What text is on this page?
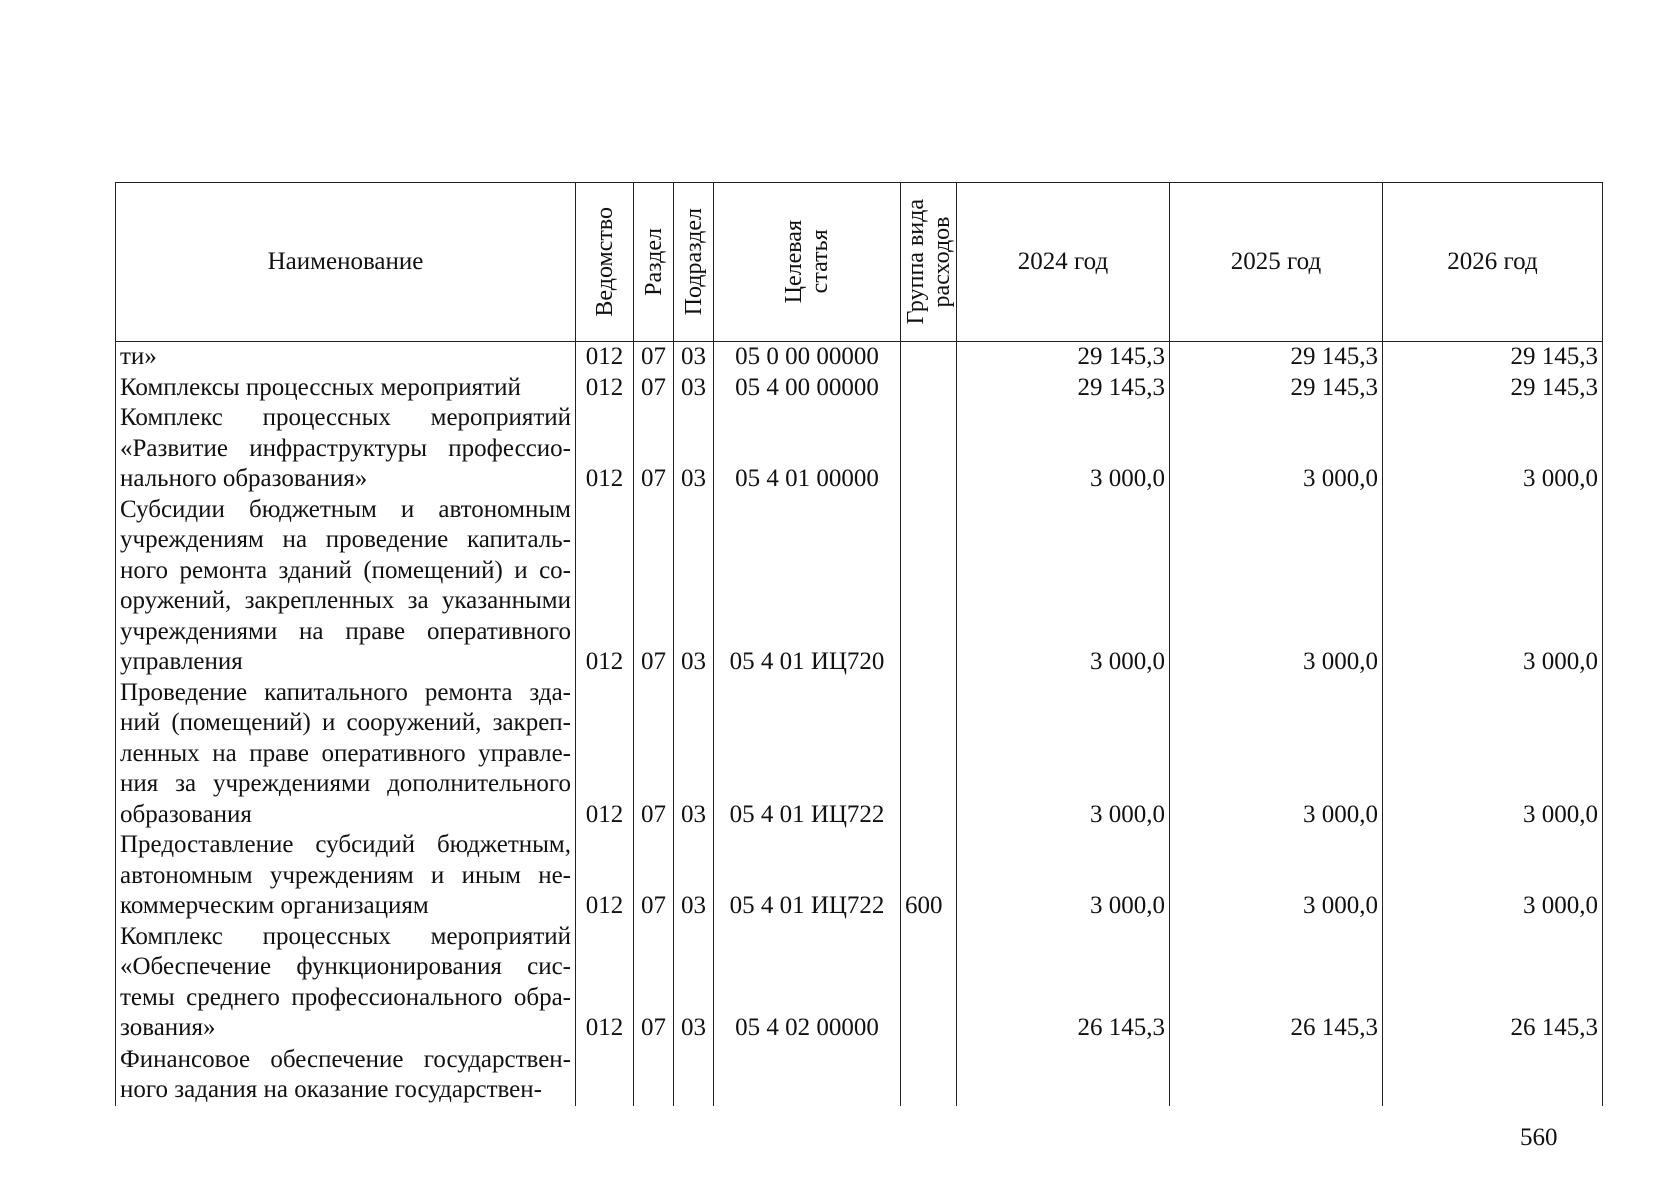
Наименование	Ведомство	Раздел	Подраздел	Целевая статья	Группа вида расходов	2024 год	2025 год	2026 год
ти»	012	07	03	05 0 00 00000		29 145,3	29 145,3	29 145,3
Комплексы процессных мероприятий	012	07	03	05 4 00 00000		29 145,3	29 145,3	29 145,3
Комплекс процессных мероприятий «Развитие инфраструктуры профессио-нального образования»	012	07	03	05 4 01 00000		3 000,0	3 000,0	3 000,0
Субсидии бюджетным и автономным учреждениям на проведение капиталь-ного ремонта зданий (помещений) и со-оружений, закрепленных за указанными учреждениями на праве оперативного управления	012	07	03	05 4 01 ИЦ720		3 000,0	3 000,0	3 000,0
Проведение капитального ремонта зда-ний (помещений) и сооружений, закреп-ленных на праве оперативного управле-ния за учреждениями дополнительного образования	012	07	03	05 4 01 ИЦ722		3 000,0	3 000,0	3 000,0
Предоставление субсидий бюджетным, автономным учреждениям и иным не-коммерческим организациям	012	07	03	05 4 01 ИЦ722	600	3 000,0	3 000,0	3 000,0
Комплекс процессных мероприятий «Обеспечение функционирования сис-темы среднего профессионального обра-зования»	012	07	03	05 4 02 00000		26 145,3	26 145,3	26 145,3
Финансовое обеспечение государствен-ного задания на оказание государствен-								
560
